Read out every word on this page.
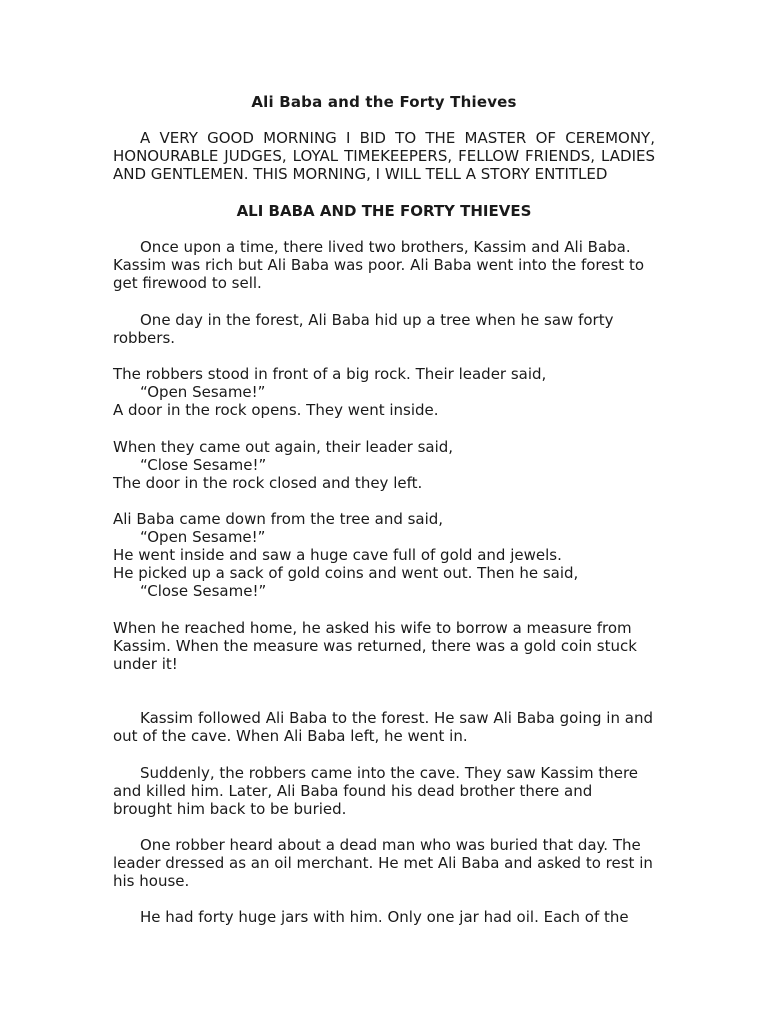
Ali Baba and the Forty Thieves
A VERY GOOD MORNING I BID TO THE MASTER OF CEREMONY,
HONOURABLE JUDGES, LOYAL TIMEKEEPERS, FELLOW FRIENDS, LADIES
AND GENTLEMEN. THIS MORNING, I WILL TELL A STORY ENTITLED
ALI BABA AND THE FORTY THIEVES
Once upon a time, there lived two brothers, Kassim and Ali Baba.
Kassim was rich but Ali Baba was poor. Ali Baba went into the forest to
get firewood to sell.
One day in the forest, Ali Baba hid up a tree when he saw forty
robbers.
The robbers stood in front of a big rock. Their leader said,
“Open Sesame!”
A door in the rock opens. They went inside.
When they came out again, their leader said,
“Close Sesame!”
The door in the rock closed and they left.
Ali Baba came down from the tree and said,
“Open Sesame!”
He went inside and saw a huge cave full of gold and jewels.
He picked up a sack of gold coins and went out. Then he said,
“Close Sesame!”
When he reached home, he asked his wife to borrow a measure from
Kassim. When the measure was returned, there was a gold coin stuck
under it!
Kassim followed Ali Baba to the forest. He saw Ali Baba going in and
out of the cave. When Ali Baba left, he went in.
Suddenly, the robbers came into the cave. They saw Kassim there
and killed him. Later, Ali Baba found his dead brother there and
brought him back to be buried.
One robber heard about a dead man who was buried that day. The
leader dressed as an oil merchant. He met Ali Baba and asked to rest in
his house.
He had forty huge jars with him. Only one jar had oil. Each of the
